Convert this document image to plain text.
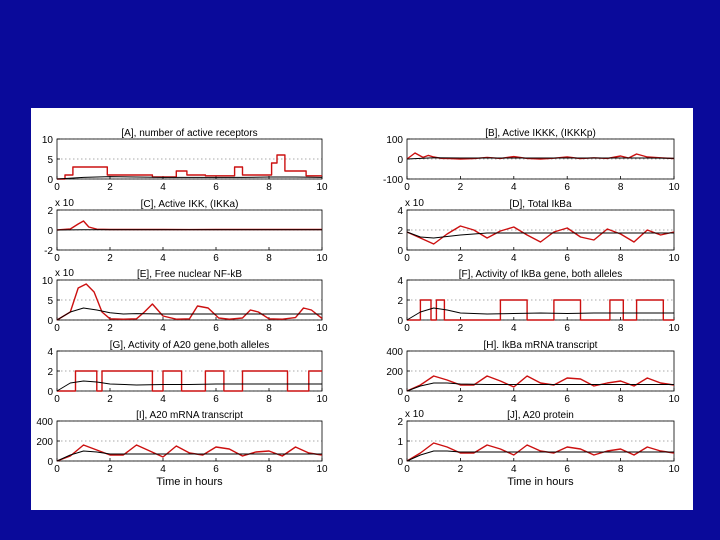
[A], number of active receptors
0	2	4	6	8	10
0
5
10
[B], Active IKKK, (IKKKp)
0	2	4	6	8	10
-100
0
100
[C], Active IKK, (IKKa)
0	2	4	6	8	10
-2
0
2
x 10	[D], Total IkBa
0	2	4	6	8	10
0
2
4
x 10
[E], Free nuclear NF-kB
0	2	4	6	8	10
0
5
10
x 10	[F], Activity of IkBa gene, both alleles
0	2	4	6	8	10
0
2
4
[G], Activity of A20 gene,both alleles
0	2	4	6	8	10
0
2
4
[H]. IkBa mRNA transcript
0	2	4	6	8	10
0
200
400
[I], A20 mRNA transcript
0	2	4	6	8	10
0
200
400
Time in hours
[J], A20 protein
0	2	4	6	8	10
0
1
2
x 10
Time in hours
